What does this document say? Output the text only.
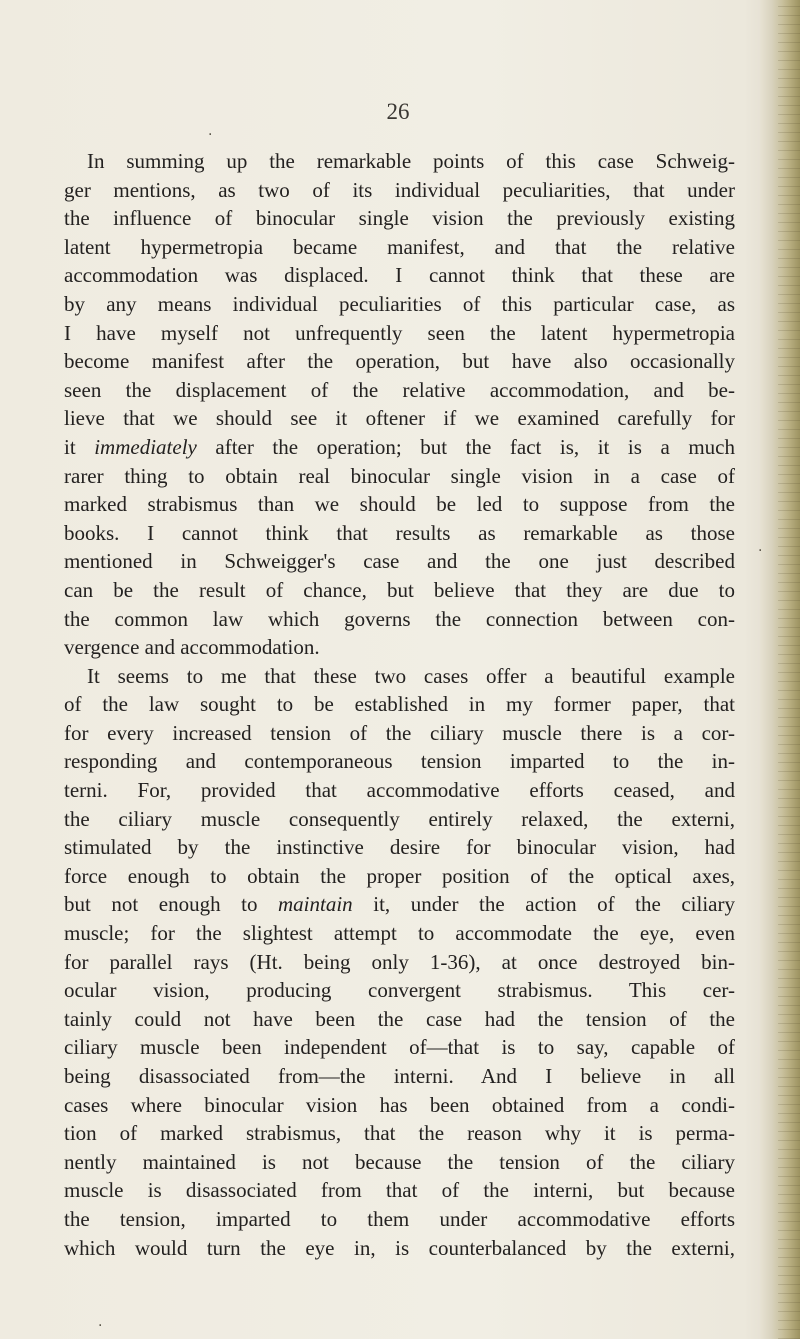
26

In summing up the remarkable points of this case Schweig-
ger mentions, as two of its individual peculiarities, that under
the influence of binocular single vision the previously existing
latent hypermetropia became manifest, and that the relative
accommodation was displaced. I cannot think that these are
by any means individual peculiarities of this particular case, as
I have myself not unfrequently seen the latent hypermetropia
become manifest after the operation, but have also occasionally
seen the displacement of the relative accommodation, and be-
lieve that we should see it oftener if we examined carefully for
it immediately after the operation; but the fact is, it is a much
rarer thing to obtain real binocular single vision in a case of
marked strabismus than we should be led to suppose from the
books. I cannot think that results as remarkable as those
mentioned in Schweigger's case and the one just described
can be the result of chance, but believe that they are due to
the common law which governs the connection between con-
vergence and accommodation.

It seems to me that these two cases offer a beautiful example
of the law sought to be established in my former paper, that
for every increased tension of the ciliary muscle there is a cor-
responding and contemporaneous tension imparted to the in-
terni. For, provided that accommodative efforts ceased, and
the ciliary muscle consequently entirely relaxed, the externi,
stimulated by the instinctive desire for binocular vision, had
force enough to obtain the proper position of the optical axes,
but not enough to maintain it, under the action of the ciliary
muscle; for the slightest attempt to accommodate the eye, even
for parallel rays (Ht. being only 1-36), at once destroyed bin-
ocular vision, producing convergent strabismus. This cer-
tainly could not have been the case had the tension of the
ciliary muscle been independent of—that is to say, capable of
being disassociated from—the interni. And I believe in all
cases where binocular vision has been obtained from a condi-
tion of marked strabismus, that the reason why it is perma-
nently maintained is not because the tension of the ciliary
muscle is disassociated from that of the interni, but because
the tension, imparted to them under accommodative efforts
which would turn the eye in, is counterbalanced by the externi,

·
·
·
